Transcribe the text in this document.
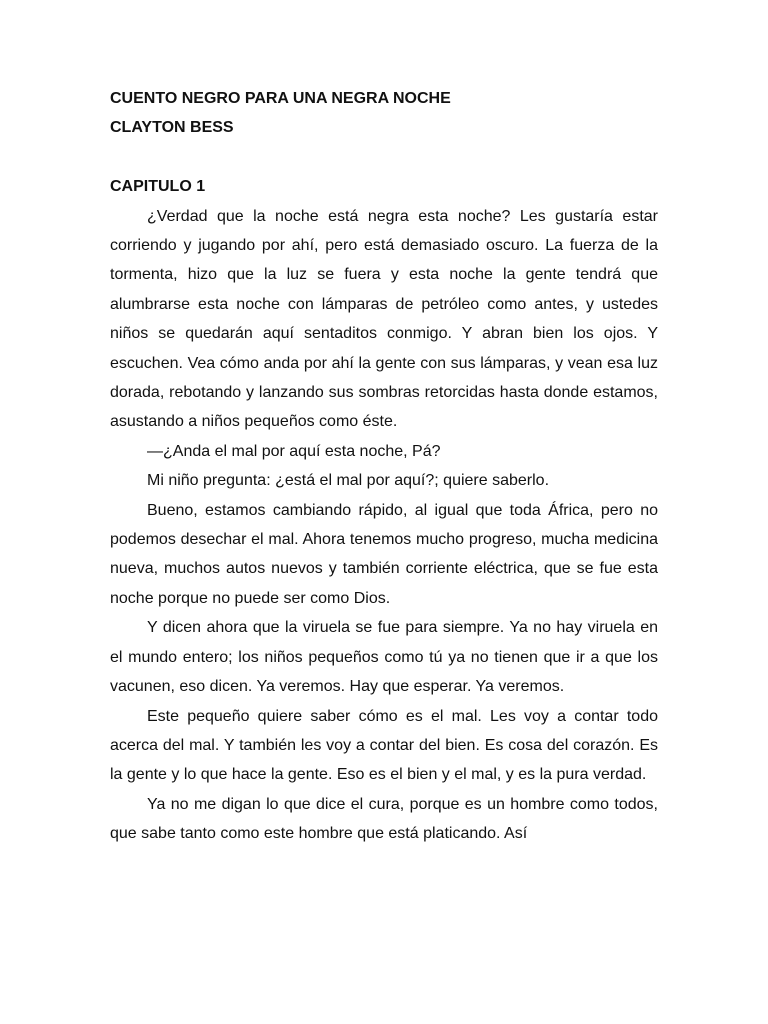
CUENTO NEGRO PARA UNA NEGRA NOCHE

CLAYTON BESS

CAPITULO 1

¿Verdad que la noche está negra esta noche? Les gustaría estar corriendo y jugando por ahí, pero está demasiado oscuro. La fuerza de la tormenta, hizo que la luz se fuera y esta noche la gente tendrá que alumbrarse esta noche con lámparas de petróleo como antes, y ustedes niños se quedarán aquí sentaditos conmigo. Y abran bien los ojos. Y escuchen. Vea cómo anda por ahí la gente con sus lámparas, y vean esa luz dorada, rebotando y lanzando sus sombras retorcidas hasta donde estamos, asustando a niños pequeños como éste.

—¿Anda el mal por aquí esta noche, Pá?

Mi niño pregunta: ¿está el mal por aquí?; quiere saberlo.

Bueno, estamos cambiando rápido, al igual que toda África, pero no podemos desechar el mal. Ahora tenemos mucho progreso, mucha medicina nueva, muchos autos nuevos y también corriente eléctrica, que se fue esta noche porque no puede ser como Dios.

Y dicen ahora que la viruela se fue para siempre. Ya no hay viruela en el mundo entero; los niños pequeños como tú ya no tienen que ir a que los vacunen, eso dicen. Ya veremos. Hay que esperar. Ya veremos.

Este pequeño quiere saber cómo es el mal. Les voy a contar todo acerca del mal. Y también les voy a contar del bien. Es cosa del corazón. Es la gente y lo que hace la gente. Eso es el bien y el mal, y es la pura verdad.

Ya no me digan lo que dice el cura, porque es un hombre como todos, que sabe tanto como este hombre que está platicando. Así
